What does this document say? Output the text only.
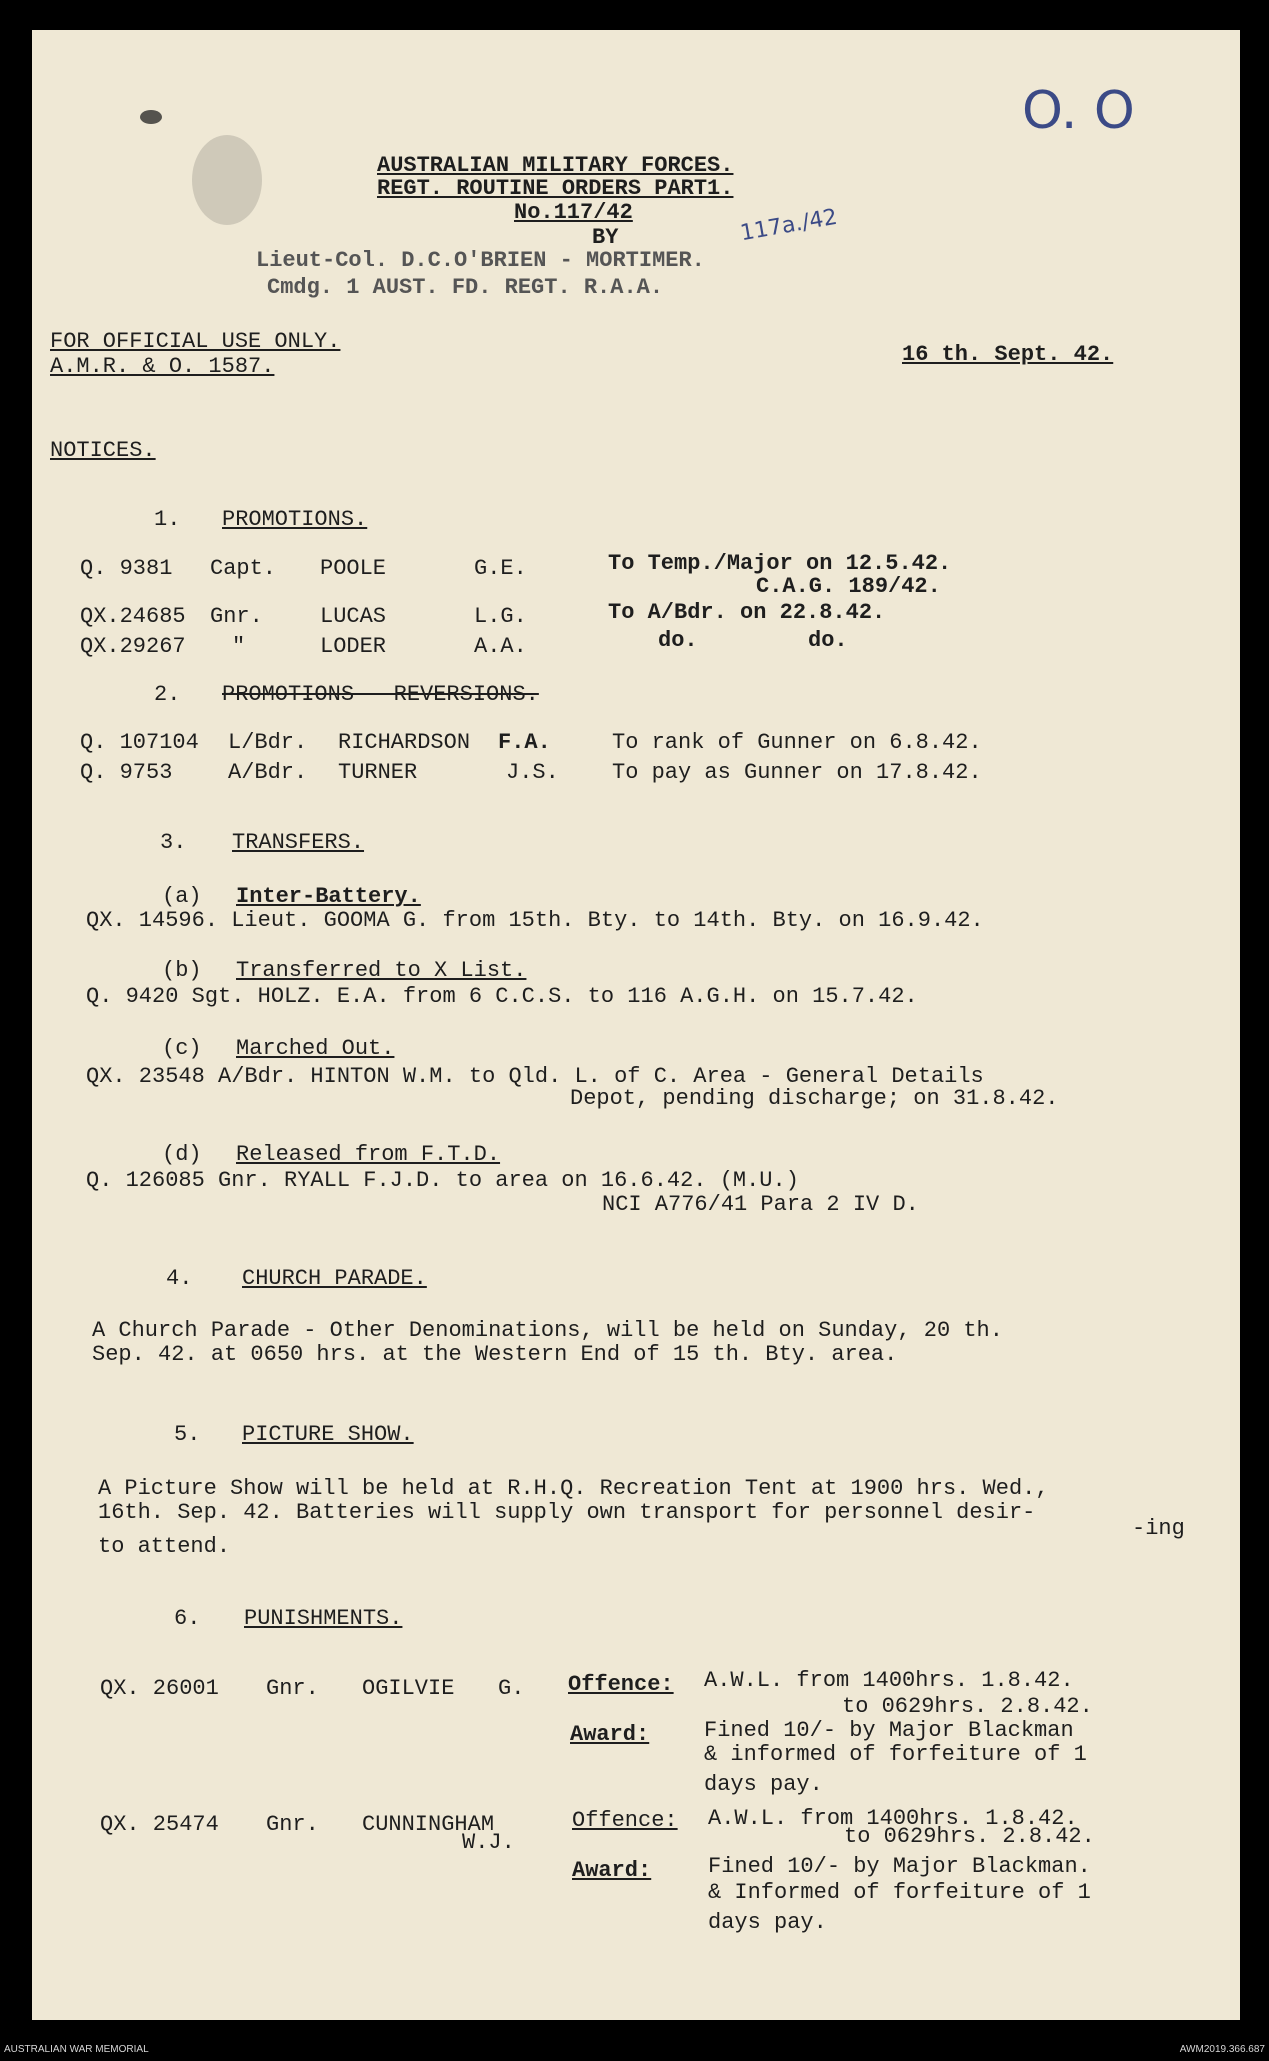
O. O
117a./42
AUSTRALIAN MILITARY FORCES.
REGT. ROUTINE ORDERS PART1.
No.117/42
BY
Lieut-Col. D.C.O'BRIEN - MORTIMER.
Cmdg. 1 AUST. FD. REGT. R.A.A.
FOR OFFICIAL USE ONLY.
A.M.R. & O. 1587.	16 th. Sept. 42.
NOTICES.
1. PROMOTIONS.
Q. 9381 Capt. POOLE	G.E.	To Temp./Major on 12.5.42.
C.A.G. 189/42.
QX.24685 Gnr.	LUCAS	L.G.	To A/Bdr. on 22.8.42.
QX.29267 "	LODER	A.A.	do.	do.
2. PROMOTIONS - REVERSIONS.
Q. 107104 L/Bdr. RICHARDSON F.A.	To rank of Gunner on 6.8.42.
Q. 9753	A/Bdr. TURNER	J.S. To pay as Gunner on 17.8.42.
3. TRANSFERS.
(a) Inter-Battery.
QX. 14596. Lieut. GOOMA G. from 15th. Bty. to 14th. Bty. on 16.9.42.
(b) Transferred to X List.
Q. 9420 Sgt. HOLZ. E.A. from 6 C.C.S. to 116 A.G.H. on 15.7.42.
(c) Marched Out.
QX. 23548 A/Bdr. HINTON W.M. to Qld. L. of C. Area - General Details
Depot, pending discharge; on 31.8.42.
(d) Released from F.T.D.
Q. 126085 Gnr. RYALL F.J.D. to area on 16.6.42. (M.U.)
NCI A776/41 Para 2 IV D.
4. CHURCH PARADE.
A Church Parade - Other Denominations, will be held on Sunday, 20 th.
Sep. 42. at 0650 hrs. at the Western End of 15 th. Bty. area.
5. PICTURE SHOW.
A Picture Show will be held at R.H.Q. Recreation Tent at 1900 hrs. Wed.,
16th. Sep. 42. Batteries will supply own transport for personnel desir-
-ing
to attend.
6. PUNISHMENTS.
QX. 26001 Gnr. OGILVIE G. Offence: A.W.L. from 1400hrs. 1.8.42.
to 0629hrs. 2.8.42.
Award: Fined 10/- by Major Blackman
& informed of forfeiture of 1
days pay.
QX. 25474 Gnr. CUNNINGHAM
W.J.
Offence: A.W.L. from 1400hrs. 1.8.42.
to 0629hrs. 2.8.42.
Award:	Fined 10/- by Major Blackman.
& Informed of forfeiture of 1
days pay.
AUSTRALIAN WAR MEMORIAL	AWM2019.366.687
